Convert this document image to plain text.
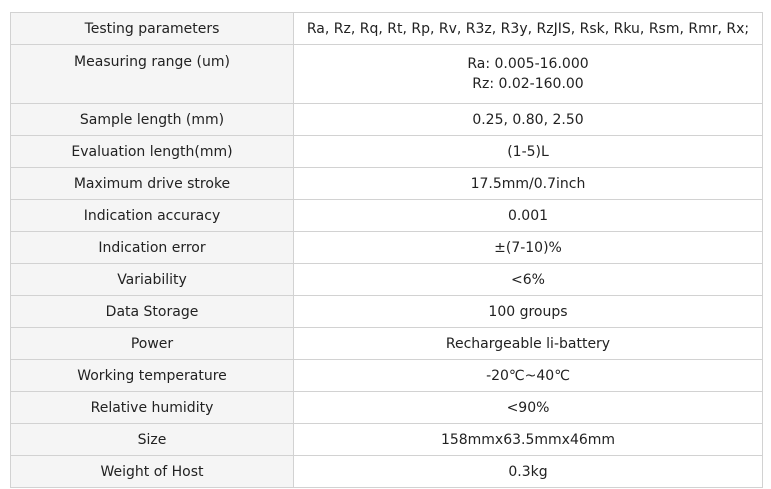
Testing parameters	Ra, Rz, Rq, Rt, Rp, Rv, R3z, R3y, RzJIS, Rsk, Rku, Rsm, Rmr, Rx;

Measuring range (um)	Ra: 0.005-16.000
Rz: 0.02-160.00

Sample length (mm)	0.25, 0.80, 2.50

Evaluation length(mm)	(1-5)L

Maximum drive stroke	17.5mm/0.7inch

Indication accuracy	0.001

Indication error	±(7-10)%

Variability	<6%

Data Storage	100 groups

Power	Rechargeable li-battery

Working temperature	-20℃~40℃

Relative humidity	<90%

Size	158mmx63.5mmx46mm

Weight of Host	0.3kg
